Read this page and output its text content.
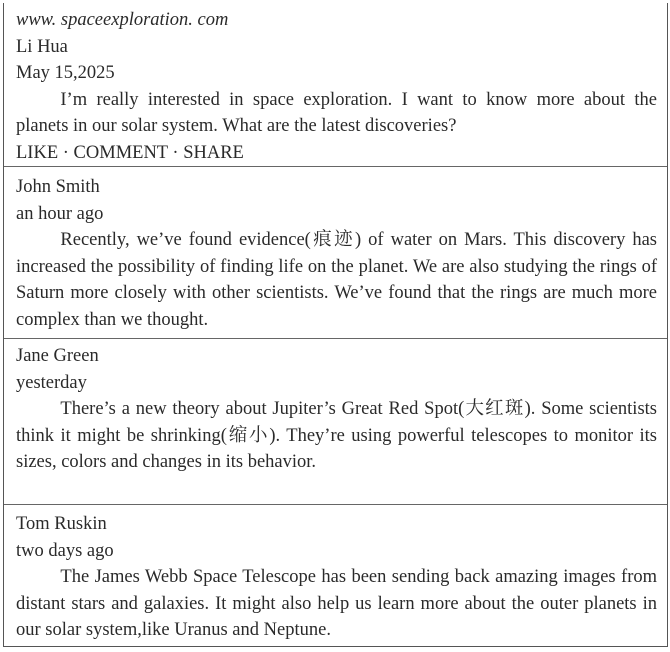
www. spaceexploration. com
Li Hua
May 15,2025
I’m really interested in space exploration. I want to know more about the planets in our solar system. What are the latest discoveries?
LIKE · COMMENT · SHARE
John Smith
an hour ago
Recently, we’ve found evidence(痕迹) of water on Mars. This discovery has increased the possibility of finding life on the planet. We are also studying the rings of Saturn more closely with other scientists. We’ve found that the rings are much more complex than we thought.
Jane Green
yesterday
There’s a new theory about Jupiter’s Great Red Spot(大红斑). Some scientists think it might be shrinking(缩小). They’re using powerful telescopes to monitor its sizes, colors and changes in its behavior.
Tom Ruskin
two days ago
The James Webb Space Telescope has been sending back amazing images from distant stars and galaxies. It might also help us learn more about the outer planets in our solar system,like Uranus and Neptune.
